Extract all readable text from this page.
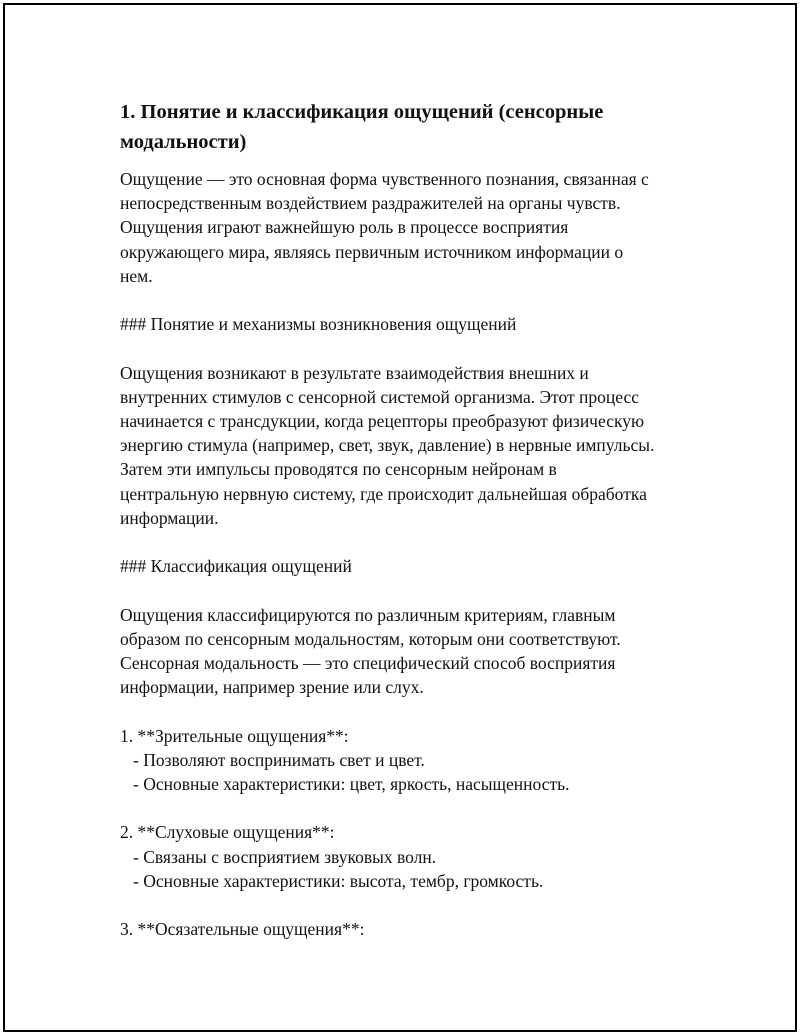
1. Понятие и классификация ощущений (сенсорные модальности)

Ощущение — это основная форма чувственного познания, связанная с
непосредственным воздействием раздражителей на органы чувств.
Ощущения играют важнейшую роль в процессе восприятия
окружающего мира, являясь первичным источником информации о
нем.

### Понятие и механизмы возникновения ощущений

Ощущения возникают в результате взаимодействия внешних и
внутренних стимулов с сенсорной системой организма. Этот процесс
начинается с трансдукции, когда рецепторы преобразуют физическую
энергию стимула (например, свет, звук, давление) в нервные импульсы.
Затем эти импульсы проводятся по сенсорным нейронам в
центральную нервную систему, где происходит дальнейшая обработка
информации.

### Классификация ощущений

Ощущения классифицируются по различным критериям, главным
образом по сенсорным модальностям, которым они соответствуют.
Сенсорная модальность — это специфический способ восприятия
информации, например зрение или слух.

1. **Зрительные ощущения**:

- Позволяют воспринимать свет и цвет.

- Основные характеристики: цвет, яркость, насыщенность.

2. **Слуховые ощущения**:

- Связаны с восприятием звуковых волн.

- Основные характеристики: высота, тембр, громкость.

3. **Осязательные ощущения**:
